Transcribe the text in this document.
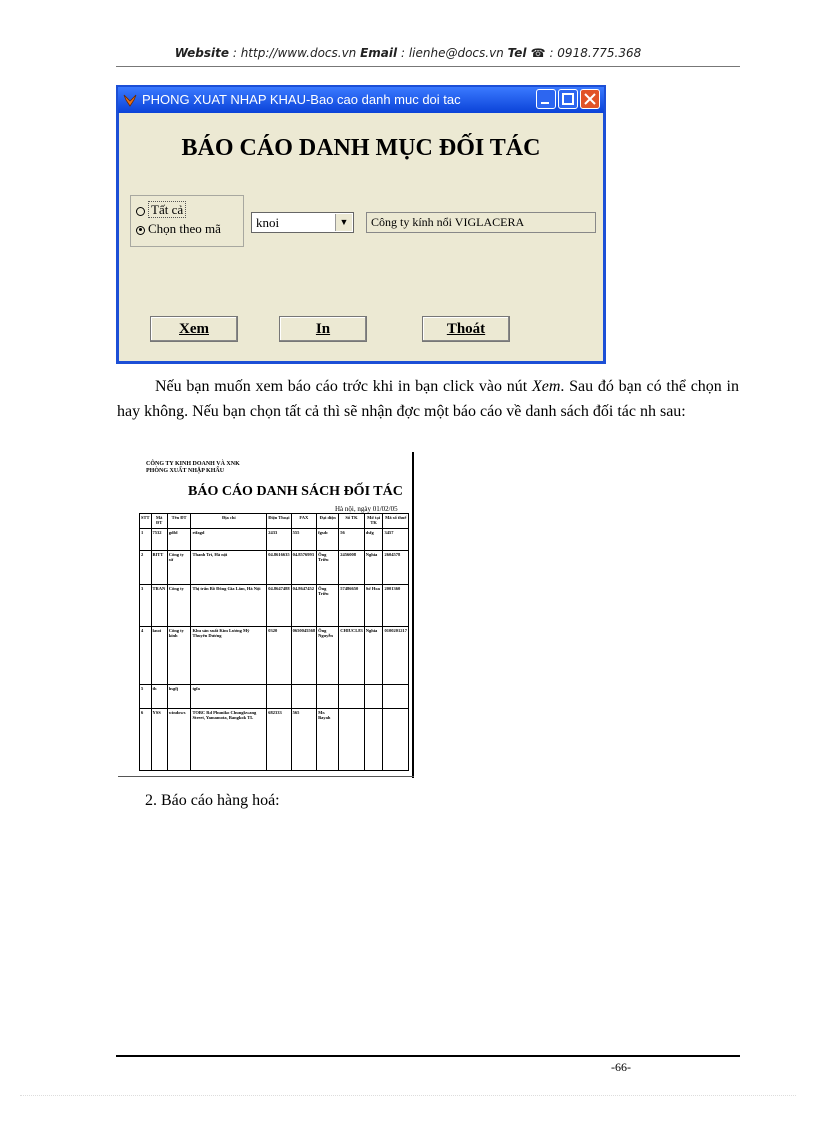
Website : http://www.docs.vn Email : lienhe@docs.vn Tel ☎ : 0918.775.368
PHONG XUAT NHAP KHAU-Bao cao danh muc doi tac
BÁO CÁO DANH MỤC ĐỐI TÁC
Tất cả
Chọn theo mã	knoi	▼	Công ty kính nổi VIGLACERA
Xem	In	Thoát
Nếu bạn muốn xem báo cáo trớc khi in bạn click vào nút Xem. Sau đó bạn có thể chọn in hay không. Nếu bạn chọn tất cả thì sẽ nhận đợc một báo cáo về danh sách đối tác nh sau:
CÔNG TY KINH DOANH VÀ XNK
PHÒNG XUẤT NHẬP KHẨU
BÁO CÁO DANH SÁCH ĐỐI TÁC
Hà nội, ngày 01/02/05
STT	Mã ĐT	Tên ĐT	Địa chỉ	Điện Thoại	FAX	Đại diện	Số TK	Mở tại TK	Mã số thuế
1	7532	gdfd	rtfagd	2433	555	fgsdc	56	dsfg	3457
2	BITT	Công ty sứ	Thanh Trì, Hà nội	04.8616635	04.8576993	Ông Triều	2456008	Nghia	2604578
3	TRAN	Công ty	Thị trấn Bồ Đông Gia Lâm, Hà Nội	04.8647488	04.8647452	Ông Triều	57486650	Sở Hoa	2001360
4	knoi	Công ty kính	Khu sản xuất Kim Lương Mỹ Thuyên Dương	0320	0650045568	Ông Nguyễn	CHIUCL83	Nghia	0100201217
5	th	hsgfj	tgfa						
6	YSS	windows	TOBC Rd Phuniko Chungkwang Street, Yamamota, Bangkok TL	682333	565	Mr. Bayah			
2. Báo cáo hàng hoá:
-66-
